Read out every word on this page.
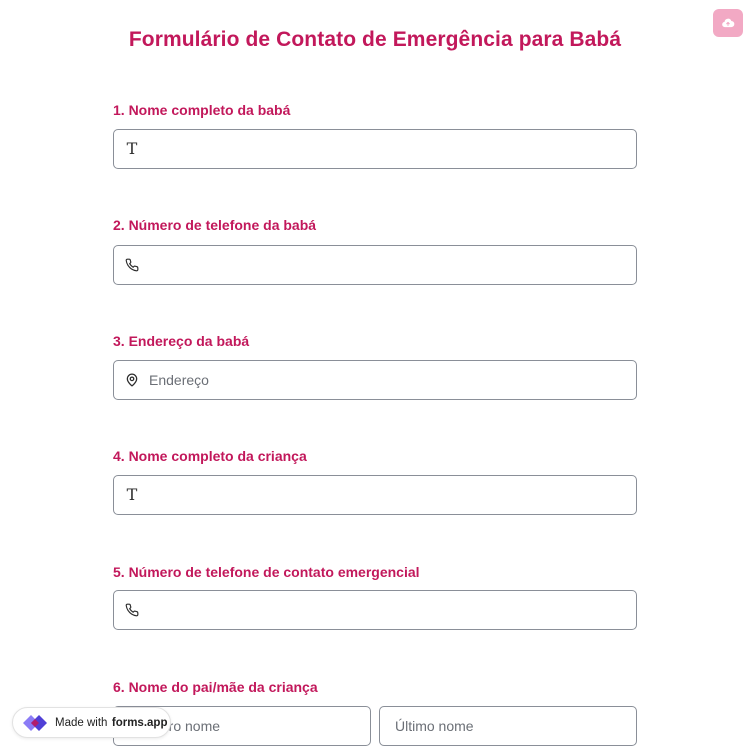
Formulário de Contato de Emergência para Babá
1. Nome completo da babá
T
2. Número de telefone da babá
3. Endereço da babá
Endereço
4. Nome completo da criança
T
5. Número de telefone de contato emergencial
6. Nome do pai/mãe da criança
Primeiro nome
Último nome
Made with
forms.app
